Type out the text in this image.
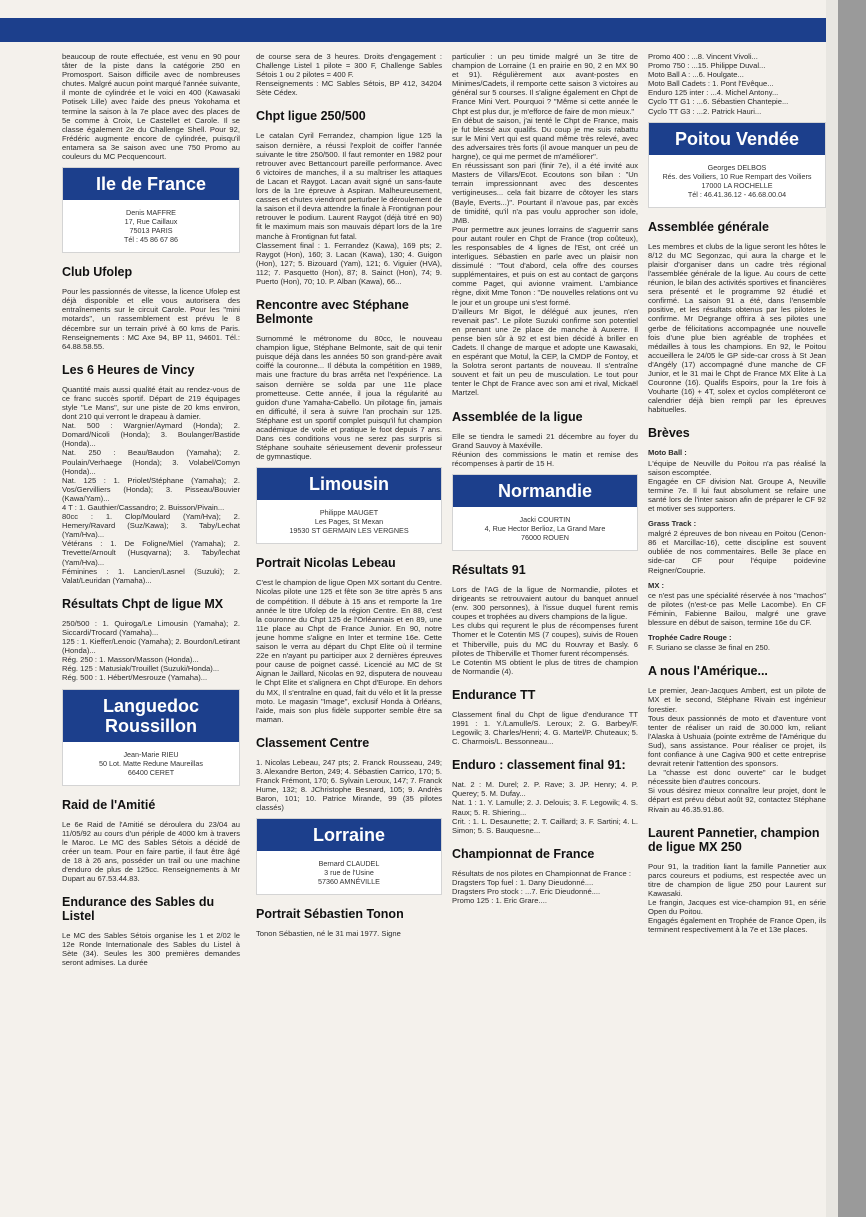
beaucoup de route effectuée, est venu en 90 pour tâter de la piste dans la catégorie 250 en Promosport. Saison difficile avec de nombreuses chutes. Malgré aucun point marqué l'année suivante, il monte de cylindrée et le voici en 400 (Kawasaki Potisek Lille) avec l'aide des pneus Yokohama et termine la saison à la 7e place avec des places de 5e comme à Croix, Le Castellet et Carole. Il se classe également 2e du Challenge Shell. Pour 92, Frédéric augmente encore de cylindrée, puisqu'il entamera sa 3e saison avec une 750 Promo au couleurs du MC Pecquencourt.

Ile de France
Denis MAFFRE
17, Rue Caillaux
75013 PARIS
Tél : 45 86 67 86
Club Ufolep

Pour les passionnés de vitesse, la licence Ufolep est déjà disponible et elle vous autorisera des entraînements sur le circuit Carole. Pour les "mini motards", un rassemblement est prévu le 8 décembre sur un terrain privé à 60 kms de Paris. Renseignements : MC Axe 94, BP 11, 94601. Tél.: 64.88.58.55.

Les 6 Heures de Vincy

Quantité mais aussi qualité était au rendez-vous de ce franc succès sportif. Départ de 219 équipages style "Le Mans", sur une piste de 20 kms environ, dont 210 qui verront le drapeau à damier.
Nat. 500 : Wargnier/Aymard (Honda); 2. Domard/Nicoli (Honda); 3. Boulanger/Bastide (Honda)...
Nat. 250 : Beau/Baudon (Yamaha); 2. Poulain/Verhaege (Honda); 3. Volabel/Comyn (Honda)...
Nat. 125 : 1. Priolet/Stéphane (Yamaha); 2. Vos/Gervilliers (Honda); 3. Pisseau/Bouvier (Kawa/Yam)...
4 T : 1. Gauthier/Cassandro; 2. Buisson/Pivain...
80cc : 1. Clop/Moulard (Yam/Hva); 2. Hemery/Ravard (Suz/Kawa); 3. Taby/Lechat (Yam/Hva)...
Vétérans : 1. De Foligne/Miel (Yamaha); 2. Trevette/Arnoult (Husqvarna); 3. Taby/lechat (Yam/Hva)...
Féminines : 1. Lancien/Lasnel (Suzuki); 2. Valat/Leuridan (Yamaha)...

Résultats Chpt de ligue MX

250/500 : 1. Quiroga/Le Limousin (Yamaha); 2. Siccardi/Trocard (Yamaha)...
125 : 1. Kieffer/Lenoic (Yamaha); 2. Bourdon/Letirant (Honda)...
Rég. 250 : 1. Masson/Masson (Honda)...
Rég. 125 : Matusiak/Trouillet (Suzuki/Honda)...
Rég. 500 : 1. Hébert/Mesrouze (Yamaha)...

Languedoc Roussillon
Jean-Marie RIEU
50 Lot. Matte Redune Maureillas
66400 CERET
Raid de l'Amitié

Le 6e Raid de l'Amitié se déroulera du 23/04 au 11/05/92 au cours d'un périple de 4000 km à travers le Maroc. Le MC des Sables Sétois a décidé de créer un team. Pour en faire partie, il faut être âgé de 18 à 26 ans, posséder un trail ou une machine d'enduro de plus de 125cc. Renseignements à Mr Dupart au 67.53.44.83.

Endurance des Sables du Listel

Le MC des Sables Sétois organise les 1 et 2/02 le 12e Ronde Internationale des Sables du Listel à Sète (34). Seules les 300 premières demandes seront admises. La durée

de course sera de 3 heures. Droits d'engagement : Challenge Listel 1 pilote = 300 F, Challenge Sables Sétois 1 ou 2 pilotes = 400 F.
Renseignements : MC Sables Sétois, BP 412, 34204 Sète Cédex.

Chpt ligue 250/500

Le catalan Cyril Ferrandez, champion ligue 125 la saison dernière, a réussi l'exploit de coiffer l'année suivante le titre 250/500. Il faut remonter en 1982 pour retrouver avec Bettancourt pareille performance. Avec 6 victoires de manches, il a su maîtriser les attaques de Lacan et Raygot. Lacan avait signé un sans-faute lors de la 1re épreuve à Aspiran. Malheureusement, casses et chutes viendront perturber le déroulement de la saison et il devra attendre la finale à Frontignan pour retrouver le podium. Laurent Raygot (déjà titré en 90) fit le maximum mais son mauvais départ lors de la 1re manche à Frontignan fut fatal.
Classement final : 1. Ferrandez (Kawa), 169 pts; 2. Raygot (Hon), 160; 3. Lacan (Kawa), 130; 4. Guigon (Hon), 127; 5. Bizouard (Yam), 121; 6. Viguier (HVA), 112; 7. Pasquetto (Hon), 87; 8. Sainct (Hon), 74; 9. Puerto (Hon), 70; 10. P. Alban (Kawa), 66...

Rencontre avec Stéphane Belmonte

Surnommé le métronome du 80cc, le nouveau champion ligue, Stéphane Belmonte, sait de qui tenir puisque déjà dans les années 50 son grand-père avait coiffé la couronne... Il débuta la compétition en 1989, mais une fracture du bras arrêta net l'expérience. La saison dernière se solda par une 11e place prometteuse. Cette année, il joua la régularité au guidon d'une Yamaha-Cabello. Un pilotage fin, jamais en difficulté, il sera à suivre l'an prochain sur 125. Stéphane est un sportif complet puisqu'il fut champion académique de voile et pratique le foot depuis 7 ans. Dans ces conditions vous ne serez pas surpris si Stéphane souhaite sérieusement devenir professeur de gymnastique.

Limousin
Philippe MAUGET
Les Pages, St Mexan
19530 ST GERMAIN LES VERGNES
Portrait Nicolas Lebeau

C'est le champion de ligue Open MX sortant du Centre. Nicolas pilote une 125 et fête son 3e titre après 5 ans de compétition. Il débute à 15 ans et remporte la 1re année le titre Ufolep de la région Centre. En 88, c'est la couronne du Chpt 125 de l'Orléannais et en 89, une 11e place au Chpt de France Junior. En 90, notre jeune homme s'aligne en Inter et termine 16e. Cette saison le verra au départ du Chpt Elite où il termine 22e en n'ayant pu participer aux 2 dernières épreuves pour cause de poignet cassé. Licencié au MC de St Aignan le Jaillard, Nicolas en 92, disputera de nouveau le Chpt Elite et s'alignera en Chpt d'Europe. En dehors du MX, Il s'entraîne en quad, fait du vélo et lit la presse moto. Le magasin "Image", exclusif Honda à Orléans, l'aide, mais son plus fidèle supporter semble être sa maman.

Classement Centre

1. Nicolas Lebeau, 247 pts; 2. Franck Rousseau, 249; 3. Alexandre Berton, 249; 4. Sébastien Carrico, 170; 5. Franck Frémont, 170; 6. Sylvain Leroux, 147; 7. Franck Hume, 132; 8. JChristophe Besnard, 105; 9. Andrès Baron, 101; 10. Patrice Mirande, 99 (35 pilotes classés)

Lorraine
Bernard CLAUDEL
3 rue de l'Usine
57360 AMNÉVILLE
Portrait Sébastien Tonon

Tonon Sébastien, né le 31 mai 1977. Signe

particulier : un peu timide malgré un 3e titre de champion de Lorraine (1 en prairie en 90, 2 en MX 90 et 91). Régulièrement aux avant-postes en Minimes/Cadets, il remporte cette saison 3 victoires au général sur 5 courses. Il s'aligne également en Chpt de France Mini Vert. Pourquoi ? "Même si cette année le Chpt est plus dur, je m'efforce de faire de mon mieux."
En début de saison, j'ai tenté le Chpt de France, mais je fut blessé aux qualifs. Du coup je me suis rabattu sur le Mini Vert qui est quand même très relevé, avec des adversaires très forts (il avoue manquer un peu de hargne), ce qui me permet de m'améliorer".
En réussissant son pari (finir 7e), il a été invité aux Masters de Villars/Ecot. Ecoutons son bilan : "Un terrain impressionnant avec des descentes vertigineuses... cela fait bizarre de côtoyer les stars (Bayle, Everts...)". Pourtant il n'avoue pas, par excès de timidité, qu'il n'a pas voulu approcher son idole, JMB.
Pour permettre aux jeunes lorrains de s'aguerrir sans pour autant rouler en Chpt de France (trop coûteux), les responsables de 4 lignes de l'Est, ont créé un interligues. Sébastien en parle avec un plaisir non dissimulé : "Tout d'abord, cela offre des courses supplémentaires, et puis on est au contact de garçons comme Paget, qui avionne vraiment. L'ambiance règne, dixit Mme Tonon : "De nouvelles relations ont vu le jour et un groupe uni s'est formé.
D'ailleurs Mr Bigot, le délégué aux jeunes, n'en revenait pas". Le pilote Suzuki confirme son potentiel en prenant une 2e place de manche à Auxerre. Il pense bien sûr à 92 et est bien décidé à briller en Cadets. Il change de marque et adopte une Kawasaki, en espérant que Motul, la CEP, la CMDP de Fontoy, et la Solotra seront partants de nouveau. Il s'entraîne souvent et fait un peu de musculation. Le tout pour tenter le Chpt de France avec son ami et rival, Mickaël Martzel.

Assemblée de la ligue

Elle se tiendra le samedi 21 décembre au foyer du Grand Sauvoy à Maxéville.
Réunion des commissions le matin et remise des récompenses à partir de 15 H.

Normandie
Jacki COURTIN
4, Rue Hector Berlioz, La Grand Mare
76000 ROUEN
Résultats 91

Lors de l'AG de la ligue de Normandie, pilotes et dirigeants se retrouvaient autour du banquet annuel (env. 300 personnes), à l'issue duquel furent remis coupes et trophées au divers champions de la ligue.
Les clubs qui reçurent le plus de récompenses furent Thomer et le Cotentin MS (7 coupes), suivis de Rouen et Thiberville, puis du MC du Rouvray et Basly. 6 pilotes de Thiberville et Thomer furent récompensés.
Le Cotentin MS obtient le plus de titres de champion de Normandie (4).

Endurance TT

Classement final du Chpt de ligue d'endurance TT 1991 : 1. Y./Lamulle/S. Leroux; 2. G. Barbey/F. Legowik; 3. Charles/Henri; 4. G. Martel/P. Chuteaux; 5. C. Charmois/L. Bessonneau...

Enduro : classement final 91:

Nat. 2 : M. Durel; 2. P. Rave; 3. JP. Henry; 4. P. Querey; 5. M. Dufay...
Nat. 1 : 1. Y. Lamulle; 2. J. Delouis; 3. F. Legowik; 4. S. Raux; 5. R. Shiering...
Crit. : 1. L. Desaunette; 2. T. Caillard; 3. F. Sartini; 4. L. Simon; 5. S. Bauquesne...

Championnat de France

Résultats de nos pilotes en Championnat de France :
Dragsters Top fuel : 1. Dany Dieudonné....
Dragsters Pro stock : ...7. Eric Dieudonné....
Promo 125 : 1. Eric Grare....

Promo 400 : ...8. Vincent Vivoli...
Promo 750 : ...15. Philippe Duval...
Moto Ball A : ...6. Houlgate...
Moto Ball Cadets : 1. Pont l'Evêque...
Enduro 125 inter : ...4. Michel Antony...
Cyclo TT G1 : ...6. Sébastien Chantepie...
Cyclo TT G3 : ...2. Patrick Hauri...

Poitou Vendée
Georges DELBOS
Rés. des Voiliers, 10 Rue Rempart des Voiliers
17000 LA ROCHELLE
Tél : 46.41.36.12 - 46.68.00.04
Assemblée générale

Les membres et clubs de la ligue seront les hôtes le 8/12 du MC Segonzac, qui aura la charge et le plaisir d'organiser dans un cadre très régional l'assemblée générale de la ligue. Au cours de cette réunion, le bilan des activités sportives et financières sera présenté et le programme 92 étudié et confirmé. La saison 91 a été, dans l'ensemble positive, et les résultats obtenus par les pilotes le confirme. Mr Degrange offrira à ses pilotes une gerbe de félicitations accompagnée une nouvelle fois d'une plue bien agréable de trophées et médailles à tous les champions. En 92, le Poitou accueillera le 24/05 le GP side-car cross à St Jean d'Angély (17) accompagné d'une manche de CF Junior, et le 31 mai le Chpt de France MX Elite à La Couronne (16). Qualifs Espoirs, pour la 1re fois à Vouharte (16) + 4T, solex et cyclos compléteront ce calendrier déjà bien rempli par les épreuves habituelles.

Brèves
Moto Ball :

L'équipe de Neuville du Poitou n'a pas réalisé la saison escomptée.
Engagée en CF division Nat. Groupe A, Neuville termine 7e. Il lui faut absolument se refaire une santé lors de l'inter saison afin de préparer le CF 92 et motiver ses supporters.

Grass Track :

malgré 2 épreuves de bon niveau en Poitou (Cenon-86 et Marcillac-16), cette discipline est souvent oubliée de nos commentaires. Belle 3e place en side-car CF pour l'équipe poidevine Reigner/Couprie.

MX :

ce n'est pas une spécialité réservée à nos "machos" de pilotes (n'est-ce pas Melle Lacombe). En CF Féminin, Fabienne Bailou, malgré une grave blessure en début de saison, termine 16e du CF.

Trophée Cadre Rouge :

F. Suriano se classe 3e final en 250.

A nous l'Amérique...

Le premier, Jean-Jacques Ambert, est un pilote de MX et le second, Stéphane Rivain est ingénieur forestier.
Tous deux passionnés de moto et d'aventure vont tenter de réaliser un raid de 30.000 km, reliant l'Alaska à Ushuaia (pointe extrême de l'Amérique du Sud), sans assistance. Pour réaliser ce projet, ils font confiance à une Cagiva 900 et cette entreprise devrait retenir l'attention des sponsors.
La "chasse est donc ouverte" car le budget nécessite bien d'autres concours.
Si vous désirez mieux connaître leur projet, dont le départ est prévu début août 92, contactez Stéphane Rivain au 46.35.91.86.

Laurent Pannetier, champion de ligue MX 250

Pour 91, la tradition liant la famille Pannetier aux parcs coureurs et podiums, est respectée avec un titre de champion de ligue 250 pour Laurent sur Kawasaki.
Le frangin, Jacques est vice-champion 91, en série Open du Poitou.
Engagés également en Trophée de France Open, ils terminent respectivement à la 7e et 13e places.
